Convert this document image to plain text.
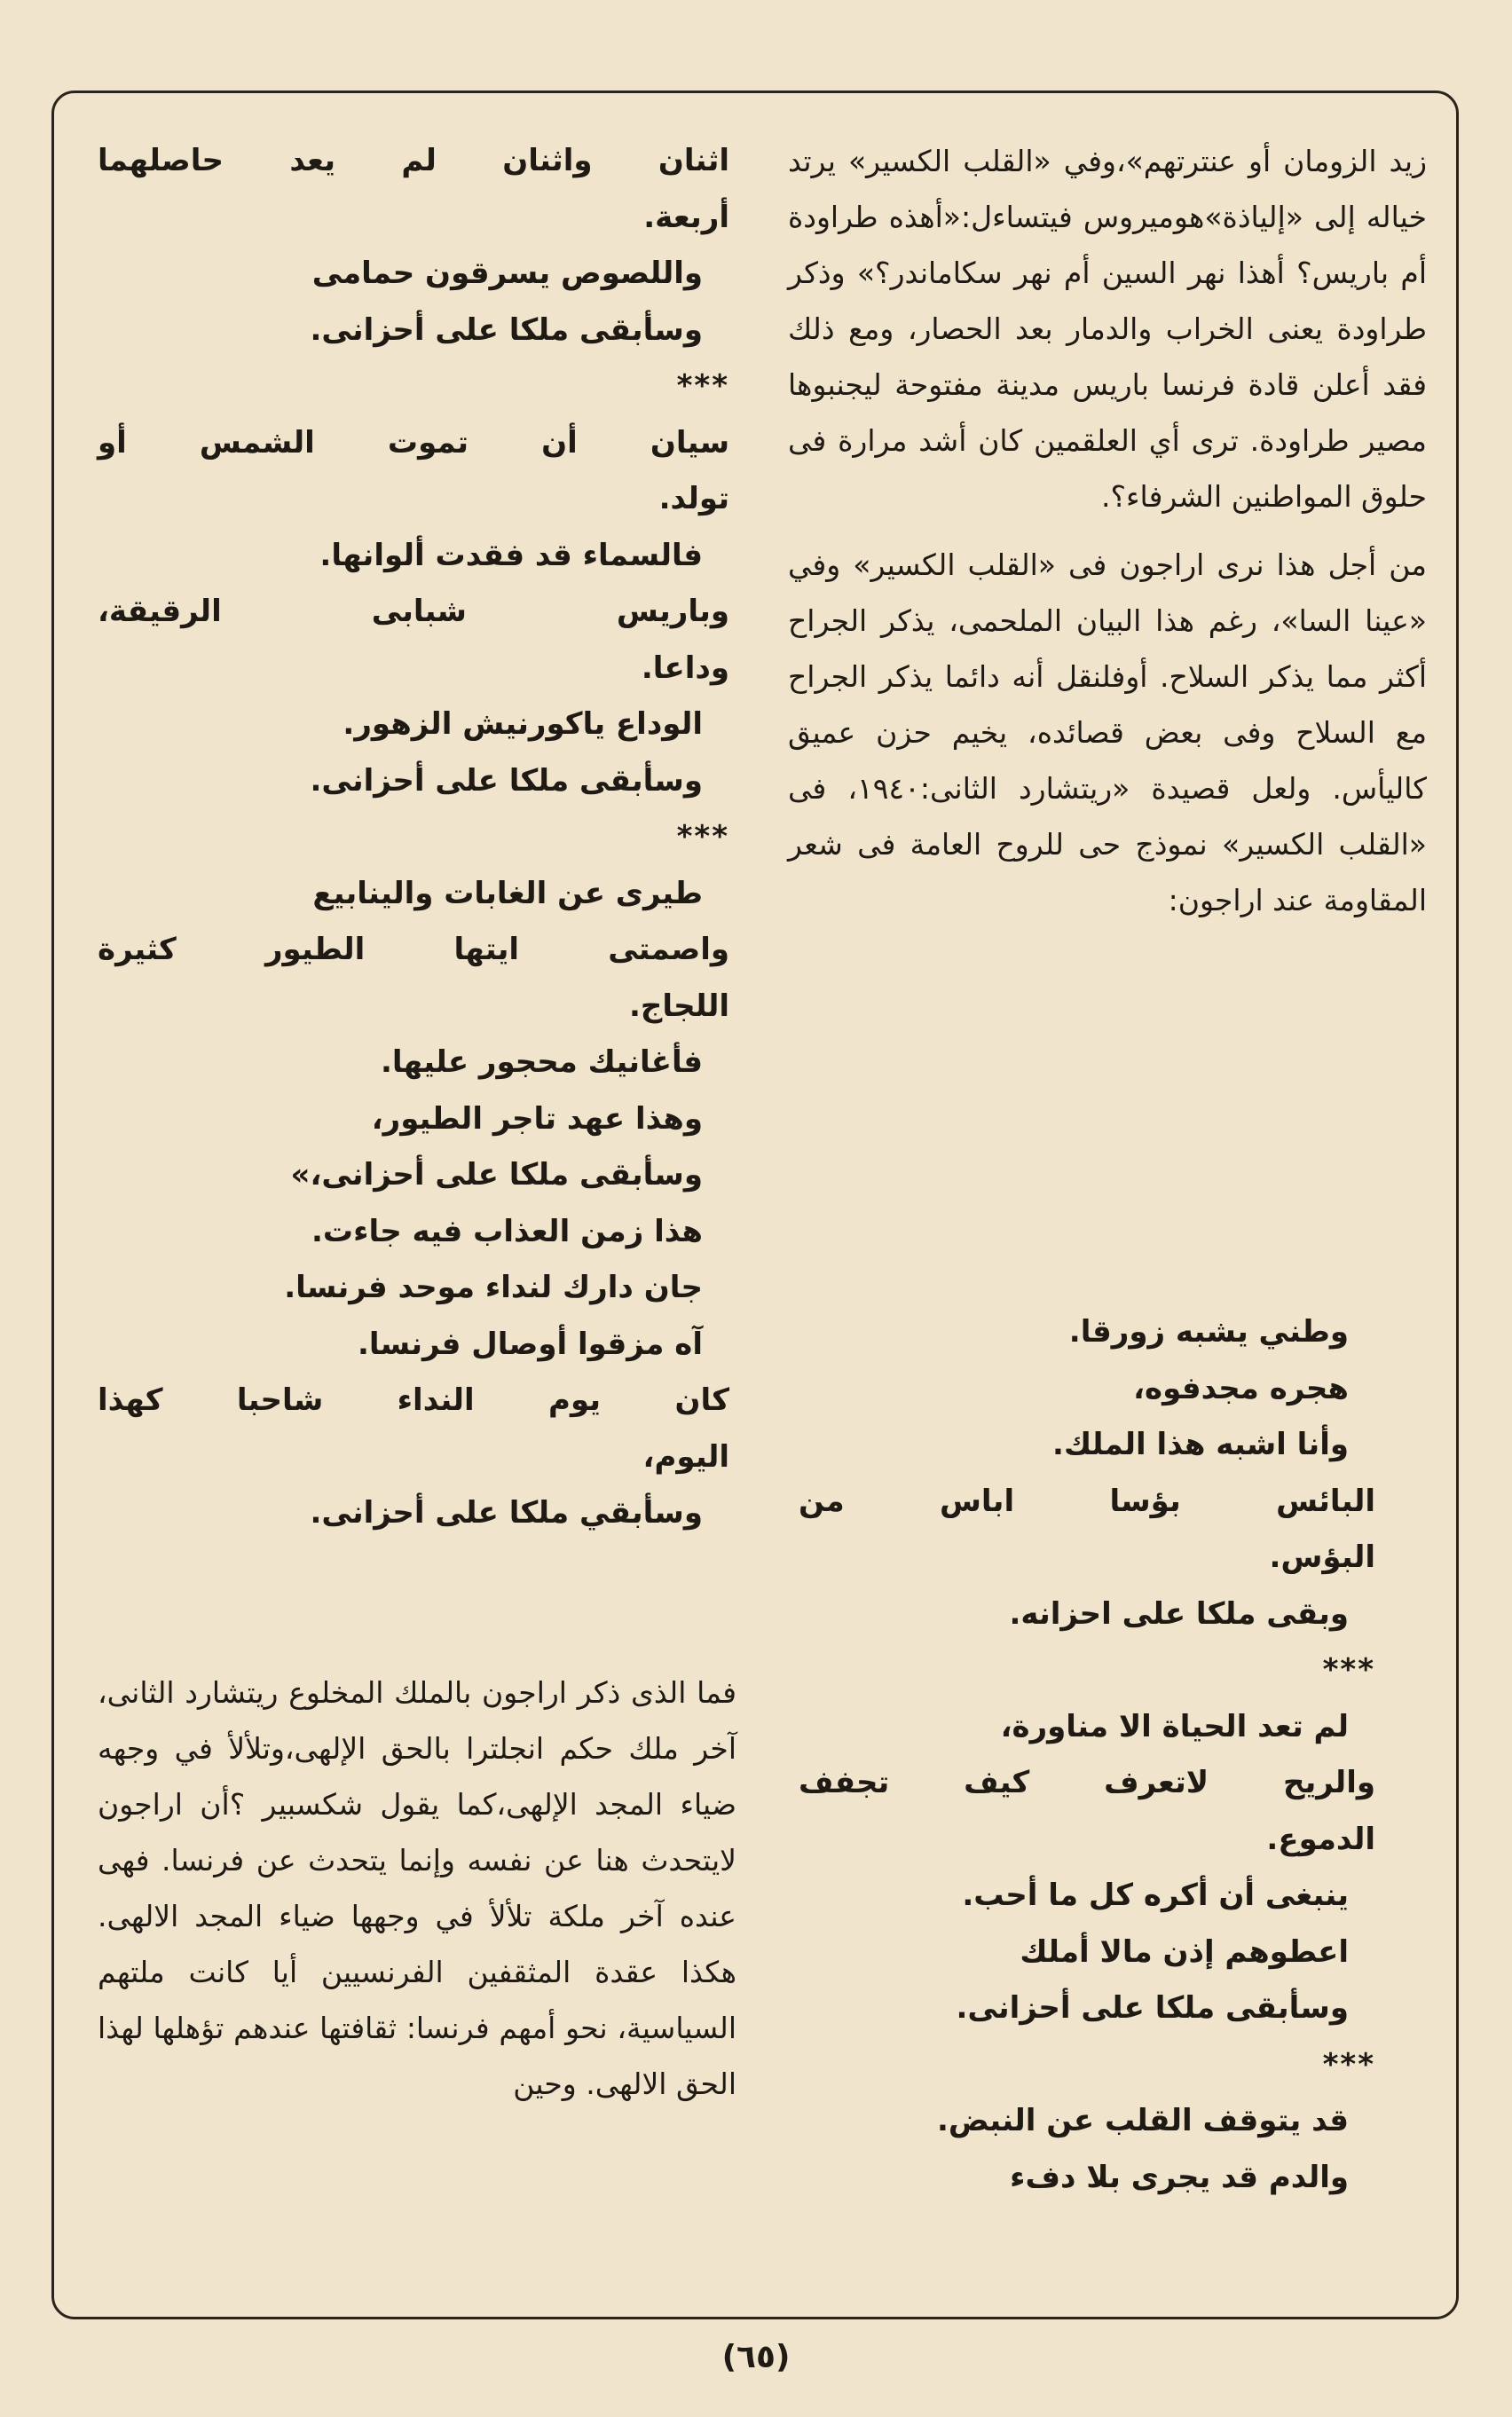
زيد الزومان أو عنترتهم»،وفي «القلب الكسير» يرتد خياله إلى «إلياذة»هوميروس فيتساءل:«أهذه طراودة أم باريس؟ أهذا نهر السين أم نهر سكاماندر؟» وذكر طراودة يعنى الخراب والدمار بعد الحصار، ومع ذلك فقد أعلن قادة فرنسا باريس مدينة مفتوحة ليجنبوها مصير طراودة. ترى أي العلقمين كان أشد مرارة فى حلوق المواطنين الشرفاء؟.

من أجل هذا نرى اراجون فى «القلب الكسير» وفي «عينا السا»، رغم هذا البيان الملحمى، يذكر الجراح أكثر مما يذكر السلاح. أوفلنقل أنه دائما يذكر الجراح مع السلاح وفى بعض قصائده، يخيم حزن عميق كاليأس. ولعل قصيدة «ريتشارد الثانى:١٩٤٠، فى «القلب الكسير» نموذج حى للروح العامة فى شعر المقاومة عند اراجون:

وطني يشبه زورقا.
هجره مجدفوه،
وأنا اشبه هذا الملك.
البائس بؤسا اباس من
البؤس.
وبقى ملكا على احزانه.
***
لم تعد الحياة الا مناورة،
والريح لاتعرف كيف تجفف
الدموع.
ينبغى أن أكره كل ما أحب.
اعطوهم إذن مالا أملك
وسأبقى ملكا على أحزانى.
***
قد يتوقف القلب عن النبض.
والدم قد يجرى بلا دفء
اثنان واثنان لم يعد حاصلهما
أربعة.
واللصوص يسرقون حمامى
وسأبقى ملكا على أحزانى.
***
سيان أن تموت الشمس أو
تولد.
فالسماء قد فقدت ألوانها.
وباريس شبابى الرقيقة،
وداعا.
الوداع ياكورنيش الزهور.
وسأبقى ملكا على أحزانى.
***
طيرى عن الغابات والينابيع
واصمتى ايتها الطيور كثيرة
اللجاج.
فأغانيك محجور عليها.
وهذا عهد تاجر الطيور،
وسأبقى ملكا على أحزانى،»
هذا زمن العذاب فيه جاءت.
جان دارك لنداء موحد فرنسا.
آه مزقوا أوصال فرنسا.
كان يوم النداء شاحبا كهذا
اليوم،
وسأبقي ملكا على أحزانى.

فما الذى ذكر اراجون بالملك المخلوع ريتشارد الثانى، آخر ملك حكم انجلترا بالحق الإلهى،وتلألأ في وجهه ضياء المجد الإلهى،كما يقول شكسبير ؟أن اراجون لايتحدث هنا عن نفسه وإنما يتحدث عن فرنسا. فهى عنده آخر ملكة تلألأ في وجهها ضياء المجد الالهى. هكذا عقدة المثقفين الفرنسيين أيا كانت ملتهم السياسية، نحو أمهم فرنسا: ثقافتها عندهم تؤهلها لهذا الحق الالهى. وحين

(٦٥)
